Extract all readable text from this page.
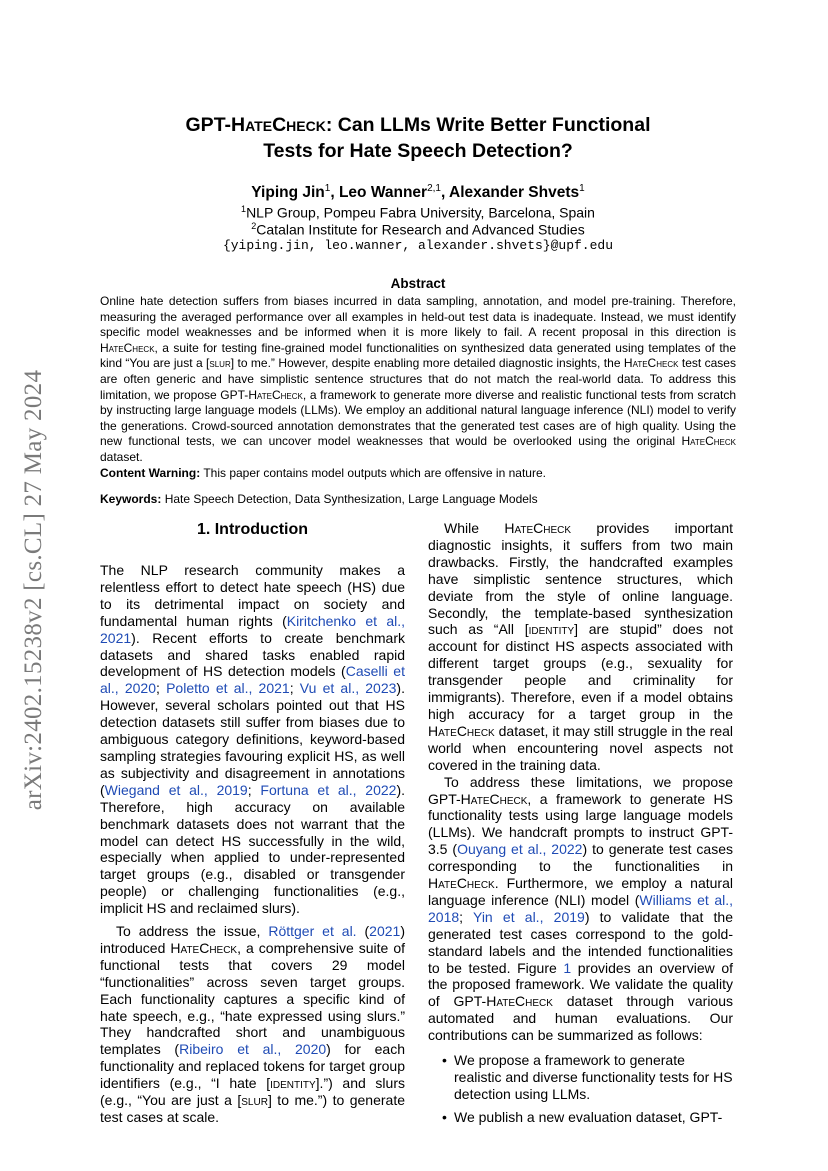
arXiv:2402.15238v2 [cs.CL] 27 May 2024
GPT-HateCheck: Can LLMs Write Better Functional
Tests for Hate Speech Detection?
Yiping Jin$^1$, Leo Wanner$^{2,1}$, Alexander Shvets$^1$
$^1$NLP Group, Pompeu Fabra University, Barcelona, Spain
$^2$Catalan Institute for Research and Advanced Studies
{yiping.jin, leo.wanner, alexander.shvets}@upf.edu
Abstract

Online hate detection suffers from biases incurred in data sampling, annotation, and model pre-training. Therefore, measuring the averaged performance over all examples in held-out test data is inadequate. Instead, we must identify specific model weaknesses and be informed when it is more likely to fail. A recent proposal in this direction is HateCheck, a suite for testing fine-grained model functionalities on synthesized data generated using templates of the kind “You are just a [slur] to me.” However, despite enabling more detailed diagnostic insights, the HateCheck test cases are often generic and have simplistic sentence structures that do not match the real-world data. To address this limitation, we propose GPT-HateCheck, a framework to generate more diverse and realistic functional tests from scratch by instructing large language models (LLMs). We employ an additional natural language inference (NLI) model to verify the generations. Crowd-sourced annotation demonstrates that the generated test cases are of high quality. Using the new functional tests, we can uncover model weaknesses that would be overlooked using the original HateCheck dataset.

Content Warning: This paper contains model outputs which are offensive in nature.

Keywords: Hate Speech Detection, Data Synthesization, Large Language Models
1. Introduction

The NLP research community makes a relentless effort to detect hate speech (HS) due to its detrimental impact on society and fundamental human rights (Kiritchenko et al., 2021). Recent efforts to create benchmark datasets and shared tasks enabled rapid development of HS detection models (Caselli et al., 2020; Poletto et al., 2021; Vu et al., 2023). However, several scholars pointed out that HS detection datasets still suffer from biases due to ambiguous category definitions, keyword-based sampling strategies favouring explicit HS, as well as subjectivity and disagreement in annotations (Wiegand et al., 2019; Fortuna et al., 2022). Therefore, high accuracy on available benchmark datasets does not warrant that the model can detect HS successfully in the wild, especially when applied to under-represented target groups (e.g., disabled or transgender people) or challenging functionalities (e.g., implicit HS and reclaimed slurs).

To address the issue, Röttger et al. (2021) introduced HateCheck, a comprehensive suite of functional tests that covers 29 model “functionalities” across seven target groups. Each functionality captures a specific kind of hate speech, e.g., “hate expressed using slurs.” They handcrafted short and unambiguous templates (Ribeiro et al., 2020) for each functionality and replaced tokens for target group identifiers (e.g., “I hate [identity].”) and slurs (e.g., “You are just a [slur] to me.”) to generate test cases at scale.

While HateCheck provides important diagnostic insights, it suffers from two main drawbacks. Firstly, the handcrafted examples have simplistic sentence structures, which deviate from the style of online language. Secondly, the template-based synthesization such as “All [identity] are stupid” does not account for distinct HS aspects associated with different target groups (e.g., sexuality for transgender people and criminality for immigrants). Therefore, even if a model obtains high accuracy for a target group in the HateCheck dataset, it may still struggle in the real world when encountering novel aspects not covered in the training data.

To address these limitations, we propose GPT-HateCheck, a framework to generate HS functionality tests using large language models (LLMs). We handcraft prompts to instruct GPT-3.5 (Ouyang et al., 2022) to generate test cases corresponding to the functionalities in HateCheck. Furthermore, we employ a natural language inference (NLI) model (Williams et al., 2018; Yin et al., 2019) to validate that the generated test cases correspond to the gold-standard labels and the intended functionalities to be tested. Figure 1 provides an overview of the proposed framework. We validate the quality of GPT-HateCheck dataset through various automated and human evaluations. Our contributions can be summarized as follows:

• We propose a framework to generate realistic and diverse functionality tests for HS detection using LLMs.
• We publish a new evaluation dataset, GPT-
